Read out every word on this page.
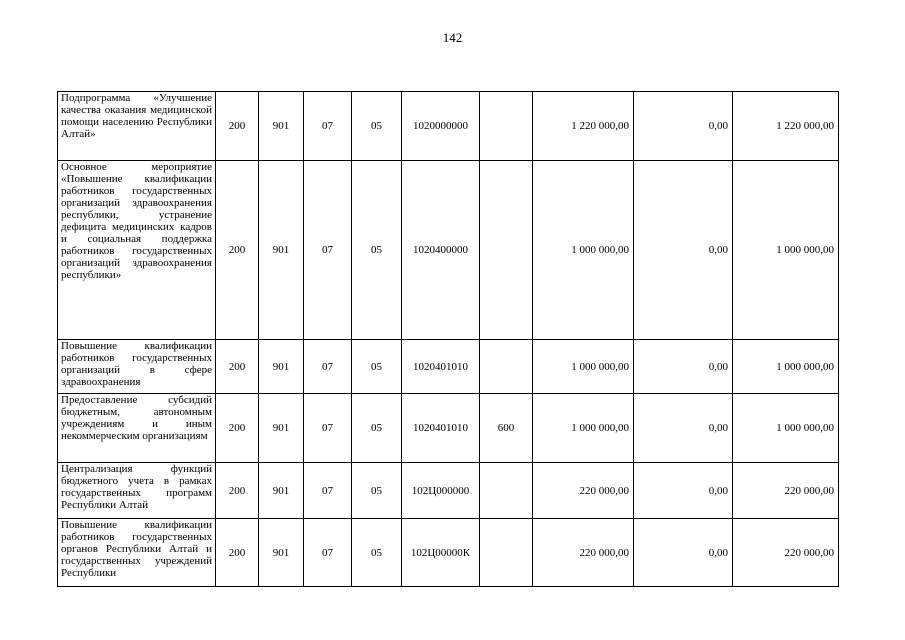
142
Подпрограмма «Улучшение качества оказания медицинской помощи населению Республики Алтай»	200	901	07	05	1020000000		1 220 000,00	0,00	1 220 000,00
Основное мероприятие «Повышение квалификации работников государственных организаций здравоохранения республики, устранение дефицита медицинских кадров и социальная поддержка работников государственных организаций здравоохранения республики»	200	901	07	05	1020400000		1 000 000,00	0,00	1 000 000,00
Повышение квалификации работников государственных организаций в сфере здравоохранения	200	901	07	05	1020401010		1 000 000,00	0,00	1 000 000,00
Предоставление субсидий бюджетным, автономным учреждениям и иным некоммерческим организациям	200	901	07	05	1020401010	600	1 000 000,00	0,00	1 000 000,00
Централизация функций бюджетного учета в рамках государственных программ Республики Алтай	200	901	07	05	102Ц000000		220 000,00	0,00	220 000,00
Повышение квалификации работников государственных органов Республики Алтай и государственных учреждений Республики	200	901	07	05	102Ц00000К		220 000,00	0,00	220 000,00
